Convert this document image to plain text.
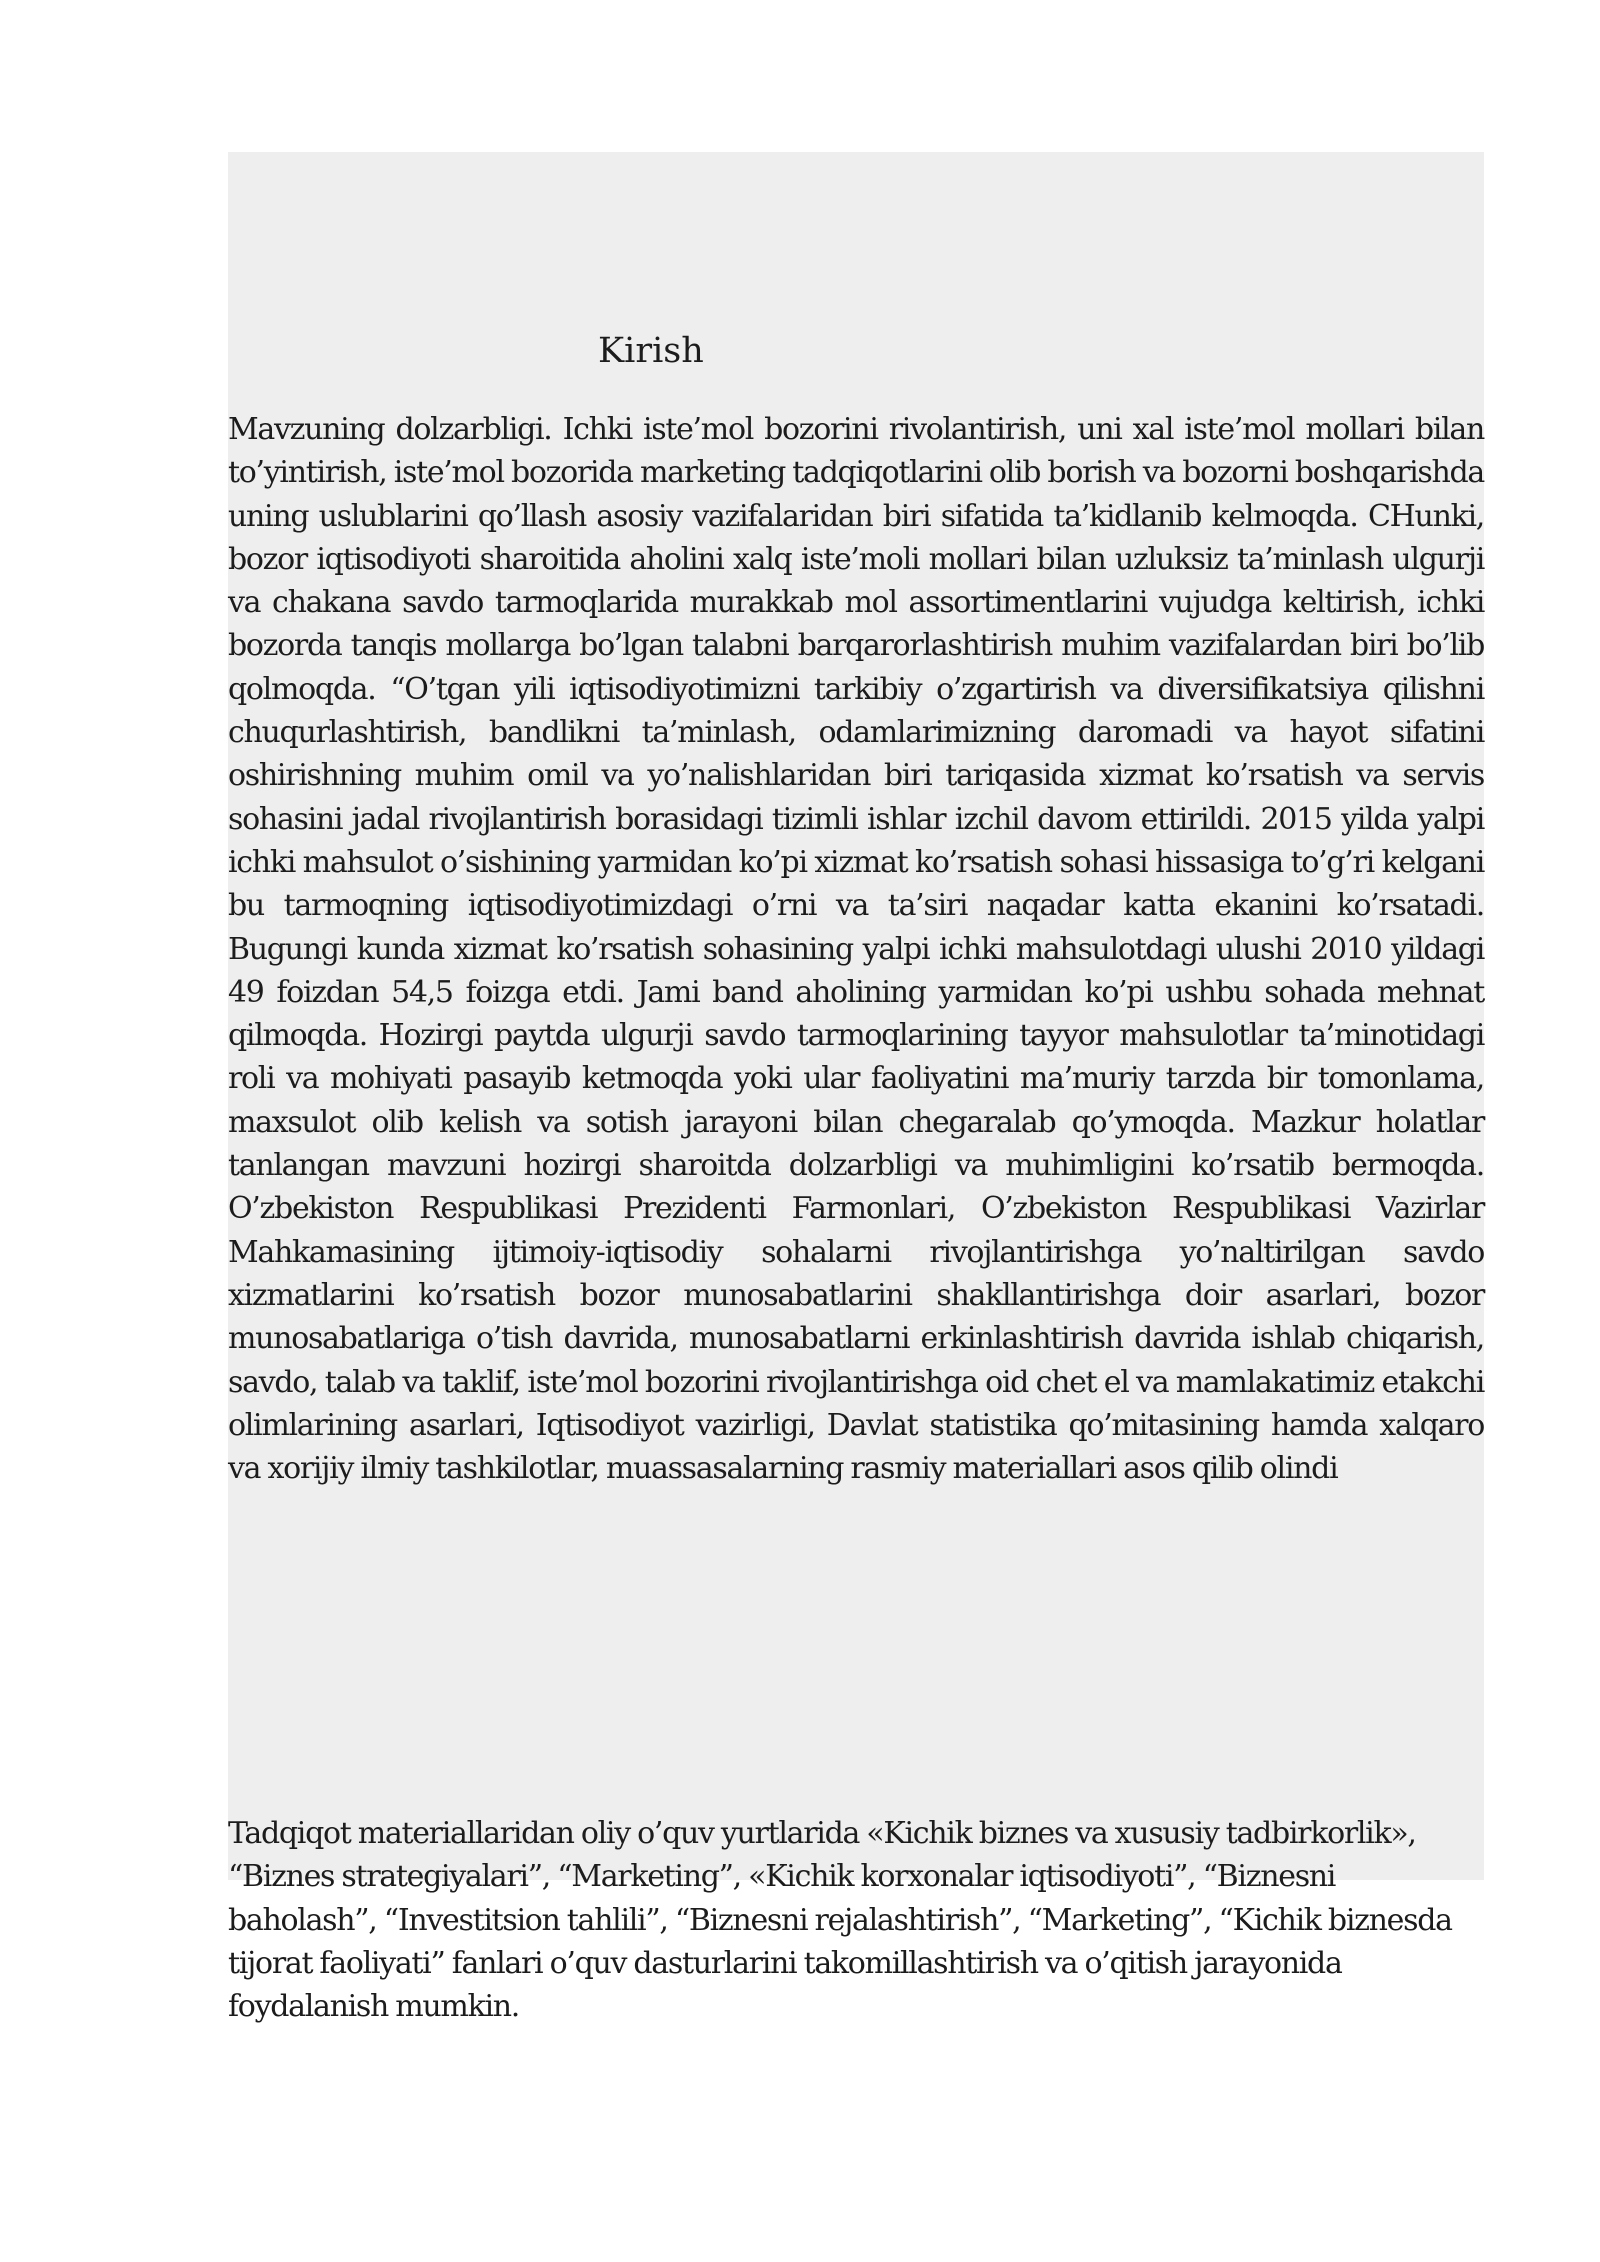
Kirish

Mavzuning dolzarbligi. Ichki iste’mol bozorini rivolantirish, uni xal iste’mol mollari bilan to’yintirish, iste’mol bozorida marketing tadqiqotlarini olib borish va bozorni boshqarishda uning uslublarini qo’llash asosiy vazifalaridan biri sifatida ta’kidlanib kelmoqda. CHunki, bozor iqtisodiyoti sharoitida aholini xalq iste’moli mollari bilan uzluksiz ta’minlash ulgurji va chakana savdo tarmoqlarida murakkab mol assortimentlarini vujudga keltirish, ichki bozorda tanqis mollarga bo’lgan talabni barqarorlashtirish muhim vazifalardan biri bo’lib qolmoqda. “O’tgan yili iqtisodiyotimizni tarkibiy o’zgartirish va diversifikatsiya qilishni chuqurlashtirish, bandlikni ta’minlash, odamlarimizning daromadi va hayot sifatini oshirishning muhim omil va yo’nalishlaridan biri tariqasida xizmat ko’rsatish va servis sohasini jadal rivojlantirish borasidagi tizimli ishlar izchil davom ettirildi. 2015 yilda yalpi ichki mahsulot o’sishining yarmidan ko’pi xizmat ko’rsatish sohasi hissasiga to’g’ri kelgani bu tarmoqning iqtisodiyotimizdagi o’rni va ta’siri naqadar katta ekanini ko’rsatadi. Bugungi kunda xizmat ko’rsatish sohasining yalpi ichki mahsulotdagi ulushi 2010 yildagi 49 foizdan 54,5 foizga etdi. Jami band aholining yarmidan ko’pi ushbu sohada mehnat qilmoqda. Hozirgi paytda ulgurji savdo tarmoqlarining tayyor mahsulotlar ta’minotidagi roli va mohiyati pasayib ketmoqda yoki ular faoliyatini ma’muriy tarzda bir tomonlama, maxsulot olib kelish va sotish jarayoni bilan chegaralab qo’ymoqda. Mazkur holatlar tanlangan mavzuni hozirgi sharoitda dolzarbligi va muhimligini ko’rsatib bermoqda. O’zbekiston Respublikasi Prezidenti Farmonlari, O’zbekiston Respublikasi Vazirlar Mahkamasining ijtimoiy-iqtisodiy sohalarni rivojlantirishga yo’naltirilgan savdo xizmatlarini ko’rsatish bozor munosabatlarini shakllantirishga doir asarlari, bozor munosabatlariga o’tish davrida, munosabatlarni erkinlashtirish davrida ishlab chiqarish, savdo, talab va taklif, iste’mol bozorini rivojlantirishga oid chet el va mamlakatimiz etakchi olimlarining asarlari, Iqtisodiyot vazirligi, Davlat statistika qo’mitasining hamda xalqaro va xorijiy ilmiy tashkilotlar, muassasalarning rasmiy materiallari asos qilib olindi

Tadqiqot materiallaridan oliy o’quv yurtlarida «Kichik biznes va xususiy tadbirkorlik», “Biznes strategiyalari”, “Marketing”, «Kichik korxonalar iqtisodiyoti”, “Biznesni baholash”, “Investitsion tahlili”, “Biznesni rejalashtirish”, “Marketing”, “Kichik biznesda tijorat faoliyati” fanlari o’quv dasturlarini takomillashtirish va o’qitish jarayonida foydalanish mumkin.
